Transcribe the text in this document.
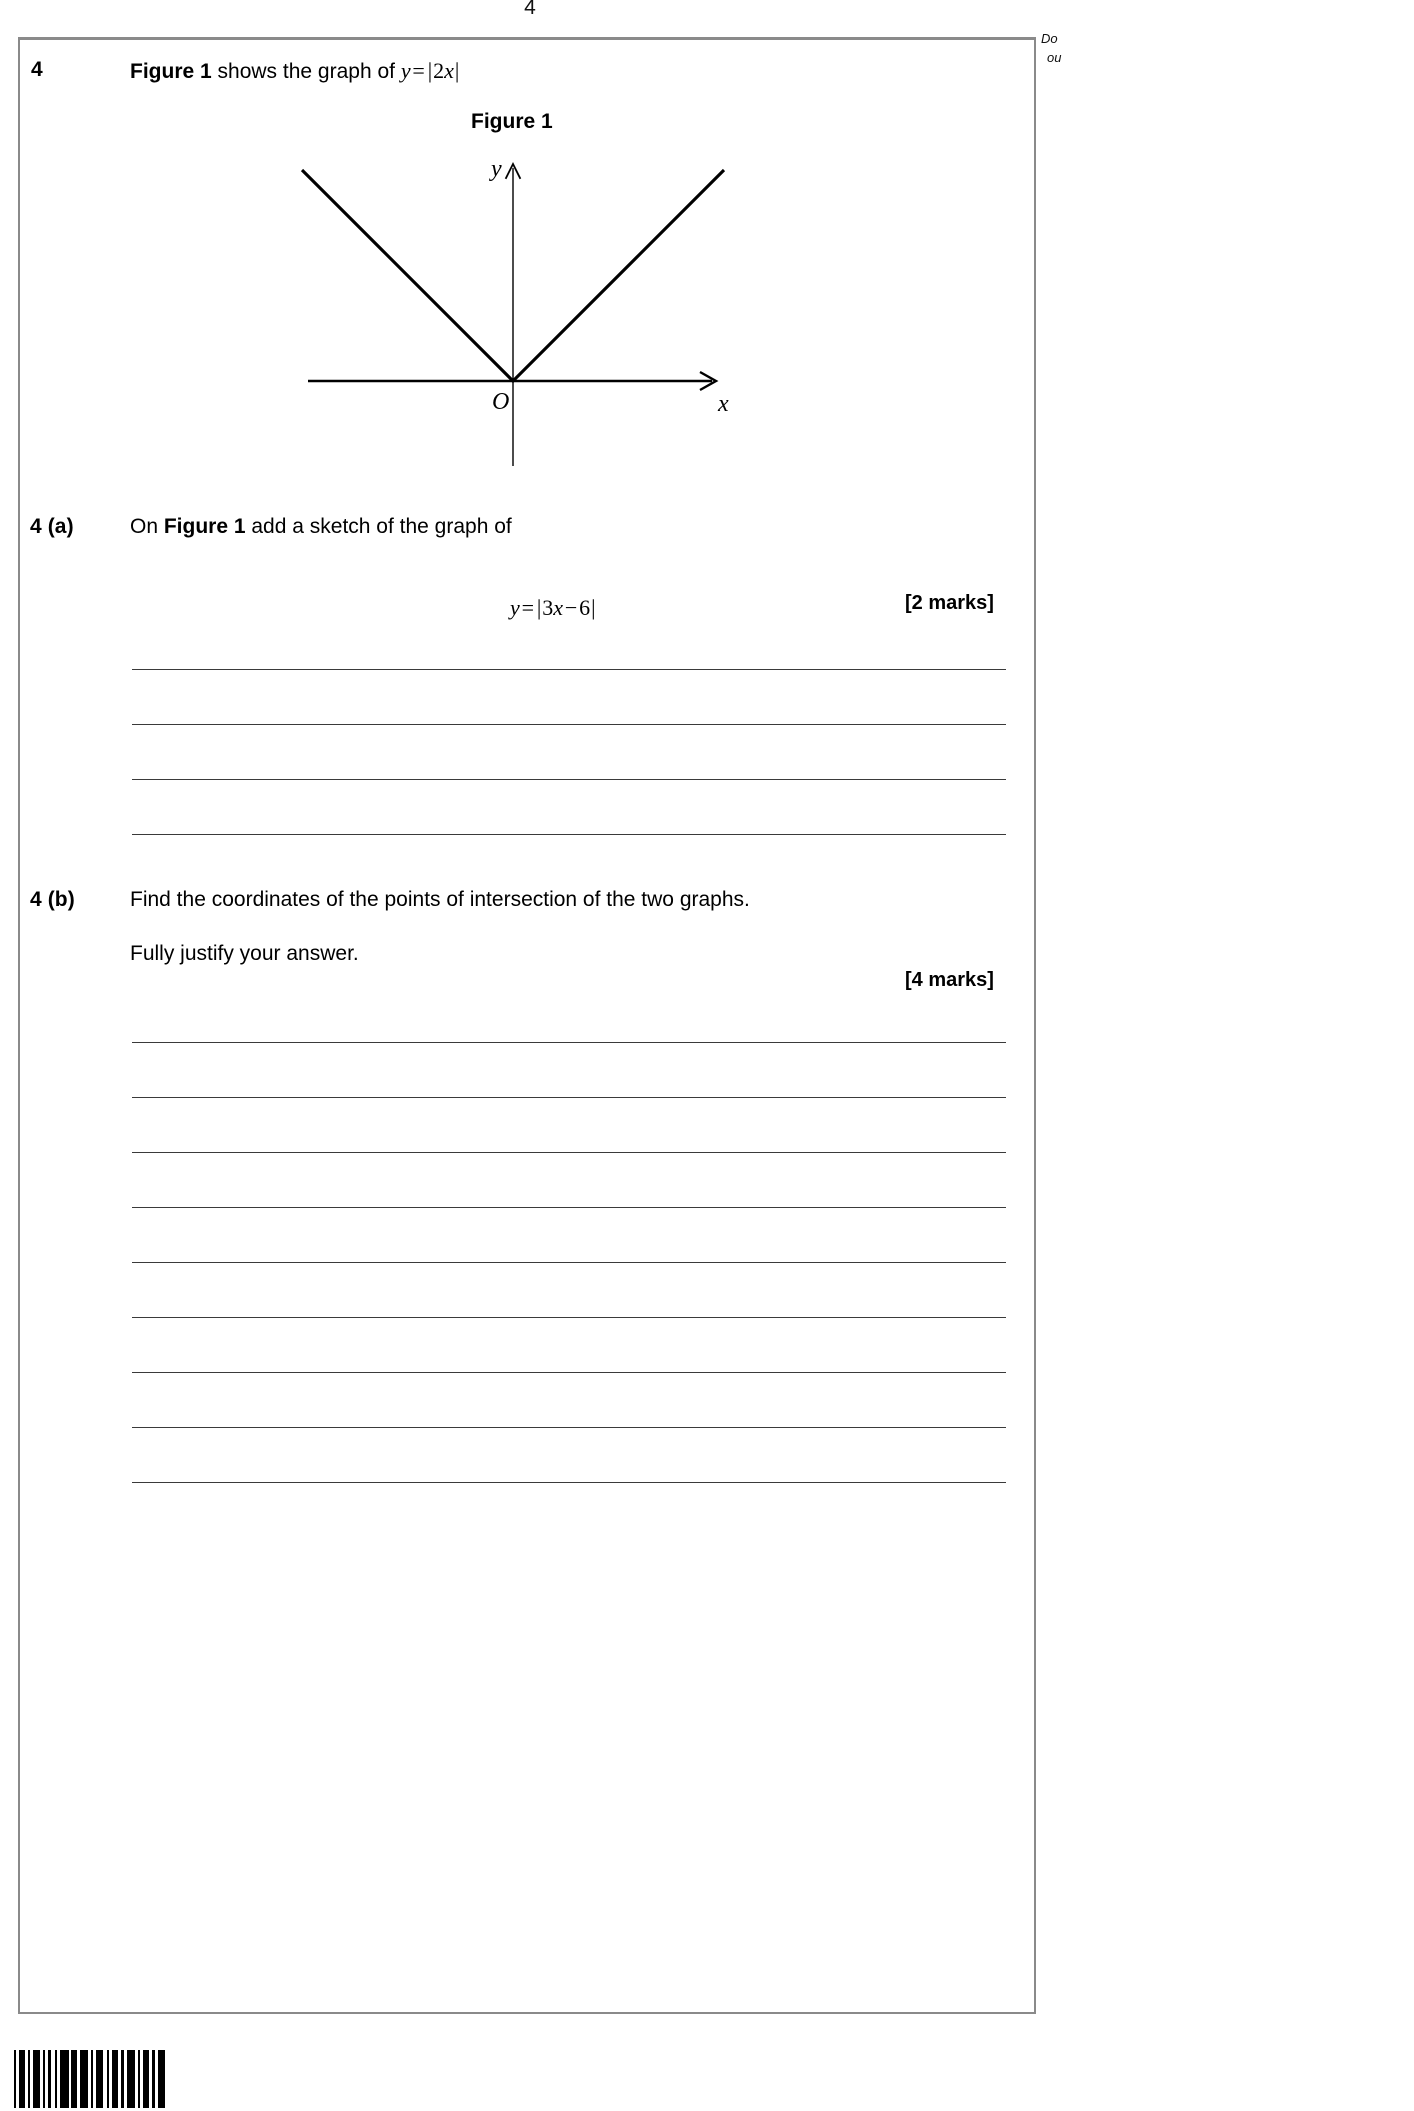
4
Do
ou
4	Figure 1 shows the graph of y =  |2x|
Figure 1
y
x
O
4 (a)	On Figure 1 add a sketch of the graph of
y =  |3x − 6|	[2 marks]
4 (b)	Find the coordinates of the points of intersection of the two graphs.
Fully justify your answer.
[4 marks]
